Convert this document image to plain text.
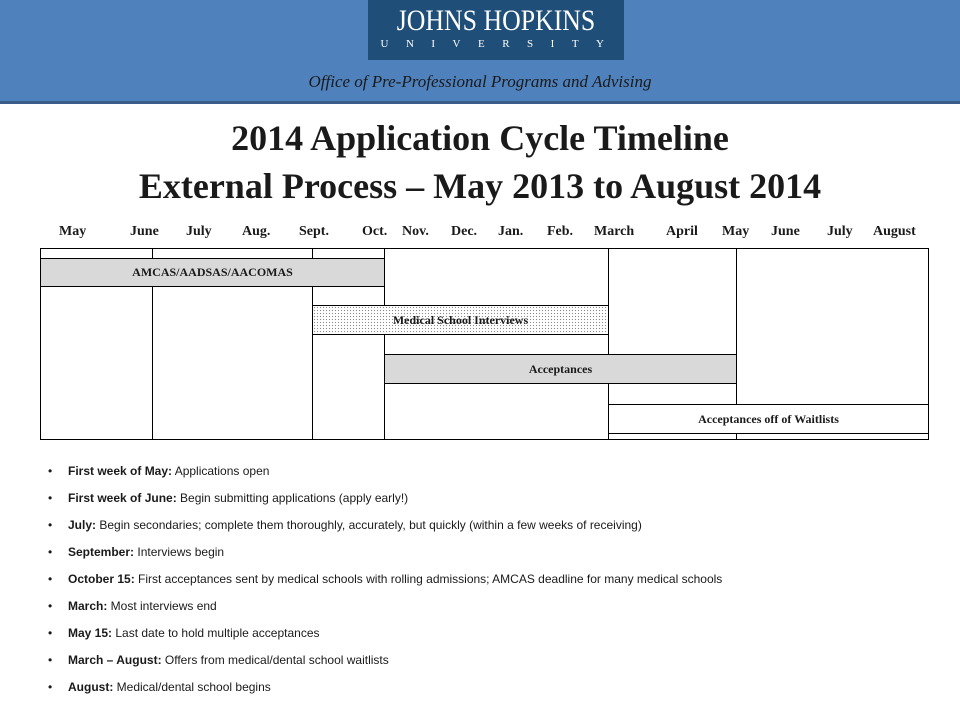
JOHNS HOPKINS
UNIVERSITY
Office of Pre-Professional Programs and Advising
2014 Application Cycle Timeline
External Process – May 2013 to August 2014
May	June July Aug. Sept. Oct. Nov. Dec. Jan. Feb. March April May June July August
AMCAS/AADSAS/AACOMAS
Medical School Interviews
Acceptances
Acceptances off of Waitlists
• First week of May: Applications open
• First week of June: Begin submitting applications (apply early!)
• July: Begin secondaries; complete them thoroughly, accurately, but quickly (within a few weeks of receiving)
• September: Interviews begin
• October 15: First acceptances sent by medical schools with rolling admissions; AMCAS deadline for many medical schools
• March: Most interviews end
• May 15: Last date to hold multiple acceptances
• March – August: Offers from medical/dental school waitlists
• August: Medical/dental school begins
